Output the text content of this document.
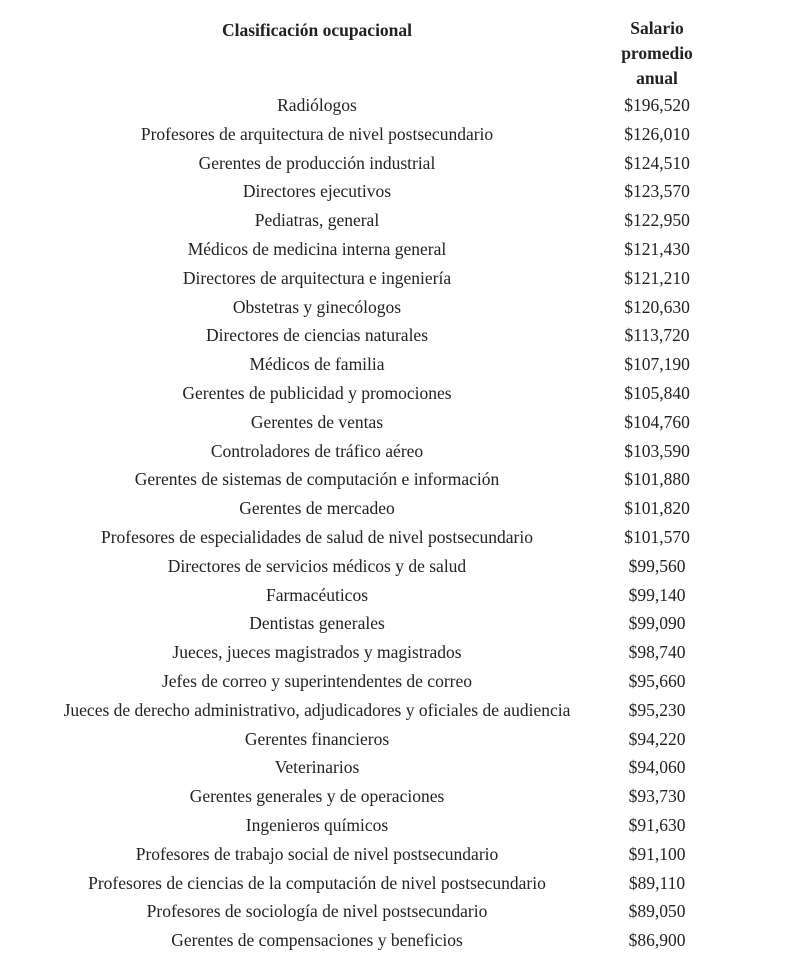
Clasificación ocupacional	Salario
promedio
anual
Radiólogos	$196,520
Profesores de arquitectura de nivel postsecundario	$126,010
Gerentes de producción industrial	$124,510
Directores ejecutivos	$123,570
Pediatras, general	$122,950
Médicos de medicina interna general	$121,430
Directores de arquitectura e ingeniería	$121,210
Obstetras y ginecólogos	$120,630
Directores de ciencias naturales	$113,720
Médicos de familia	$107,190
Gerentes de publicidad y promociones	$105,840
Gerentes de ventas	$104,760
Controladores de tráfico aéreo	$103,590
Gerentes de sistemas de computación e información	$101,880
Gerentes de mercadeo	$101,820
Profesores de especialidades de salud de nivel postsecundario	$101,570
Directores de servicios médicos y de salud	$99,560
Farmacéuticos	$99,140
Dentistas generales	$99,090
Jueces, jueces magistrados y magistrados	$98,740
Jefes de correo y superintendentes de correo	$95,660
Jueces de derecho administrativo, adjudicadores y oficiales de audiencia	$95,230
Gerentes financieros	$94,220
Veterinarios	$94,060
Gerentes generales y de operaciones	$93,730
Ingenieros químicos	$91,630
Profesores de trabajo social de nivel postsecundario	$91,100
Profesores de ciencias de la computación de nivel postsecundario	$89,110
Profesores de sociología de nivel postsecundario	$89,050
Gerentes de compensaciones y beneficios	$86,900
